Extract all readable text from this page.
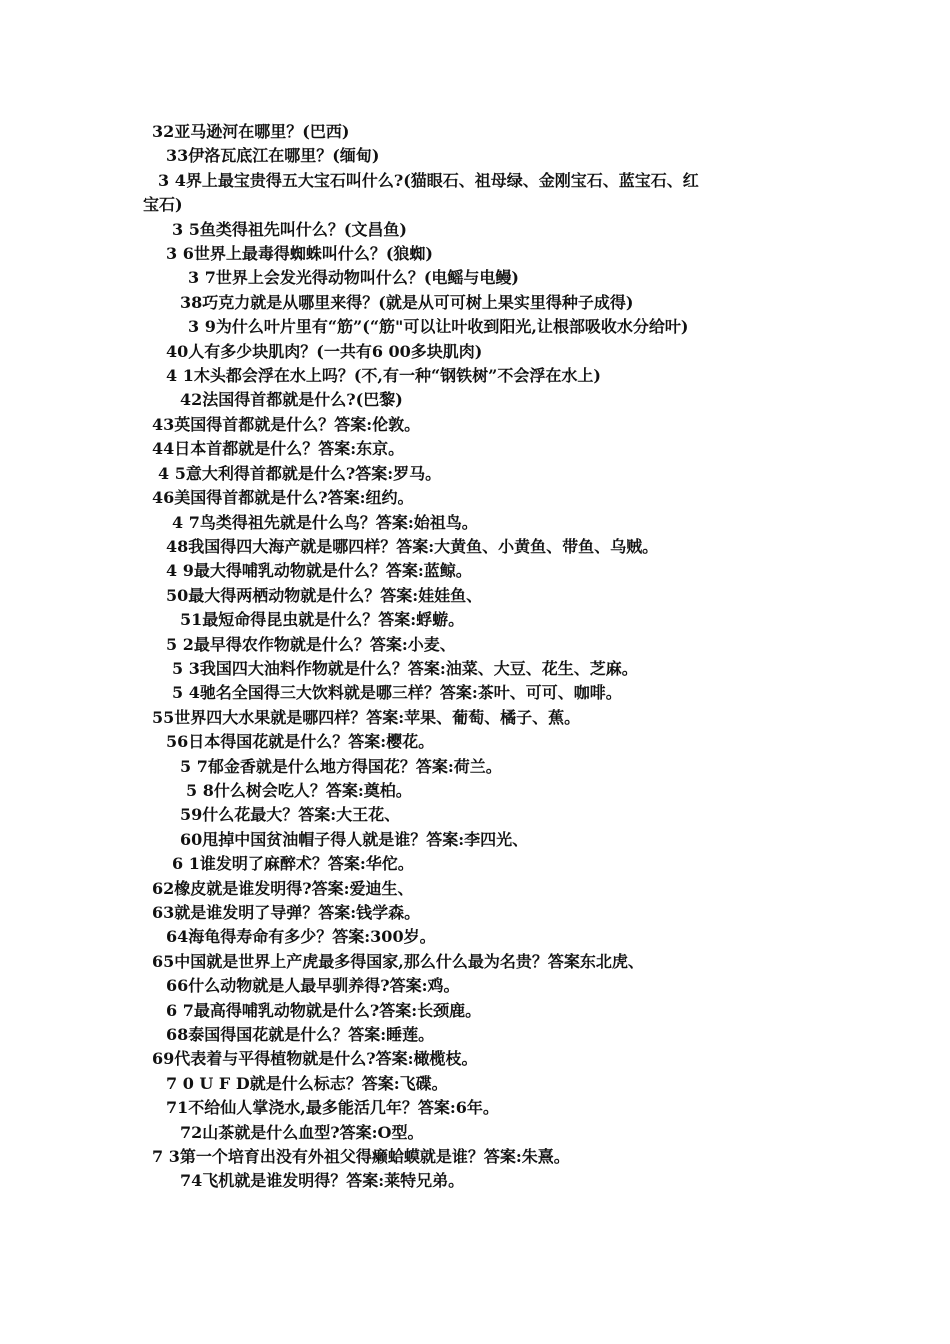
32亚马逊河在哪里？(巴西)
33伊洛瓦底江在哪里？(缅甸)
3 4界上最宝贵得五大宝石叫什么?(猫眼石、祖母绿、金刚宝石、蓝宝石、红
宝石)
3 5鱼类得祖先叫什么？(文昌鱼)
3 6世界上最毒得蜘蛛叫什么？(狼蜘)
3 7世界上会发光得动物叫什么？(电鳐与电鳗)
38巧克力就是从哪里来得？(就是从可可树上果实里得种子成得)
3 9为什么叶片里有“筋”(“筋"可以让叶收到阳光,让根部吸收水分给叶)
40人有多少块肌肉？(一共有6 00多块肌肉)
4 1木头都会浮在水上吗？(不,有一种“钢铁树”不会浮在水上)
42法国得首都就是什么?(巴黎)
43英国得首都就是什么？答案:伦敦。
44日本首都就是什么？答案:东京。
4 5意大利得首都就是什么?答案:罗马。
46美国得首都就是什么?答案:纽约。
4 7鸟类得祖先就是什么鸟？答案:始祖鸟。
48我国得四大海产就是哪四样？答案:大黄鱼、小黄鱼、带鱼、乌贼。
4 9最大得哺乳动物就是什么？答案:蓝鲸。
50最大得两栖动物就是什么？答案:娃娃鱼、
51最短命得昆虫就是什么？答案:蜉蝣。
5 2最早得农作物就是什么？答案:小麦、
5 3我国四大油料作物就是什么？答案:油菜、大豆、花生、芝麻。
5 4驰名全国得三大饮料就是哪三样？答案:茶叶、可可、咖啡。
55世界四大水果就是哪四样？答案:苹果、葡萄、橘子、蕉。
56日本得国花就是什么？答案:樱花。
5 7郁金香就是什么地方得国花？答案:荷兰。
5 8什么树会吃人？答案:奠柏。
59什么花最大？答案:大王花、
60甩掉中国贫油帽子得人就是谁？答案:李四光、
6 1谁发明了麻醉术？答案:华佗。
62橡皮就是谁发明得?答案:爱迪生、
63就是谁发明了导弹？答案:钱学森。
64海龟得寿命有多少？答案:300岁。
65中国就是世界上产虎最多得国家,那么什么最为名贵？答案东北虎、
66什么动物就是人最早驯养得?答案:鸡。
6 7最高得哺乳动物就是什么?答案:长颈鹿。
68泰国得国花就是什么？答案:睡莲。
69代表着与平得植物就是什么?答案:橄榄枝。
7 0 U F D就是什么标志？答案:飞碟。
71不给仙人掌浇水,最多能活几年？答案:6年。
72山茶就是什么血型?答案:O型。
7 3第一个培育出没有外祖父得癞蛤蟆就是谁？答案:朱熹。
74飞机就是谁发明得？答案:莱特兄弟。
